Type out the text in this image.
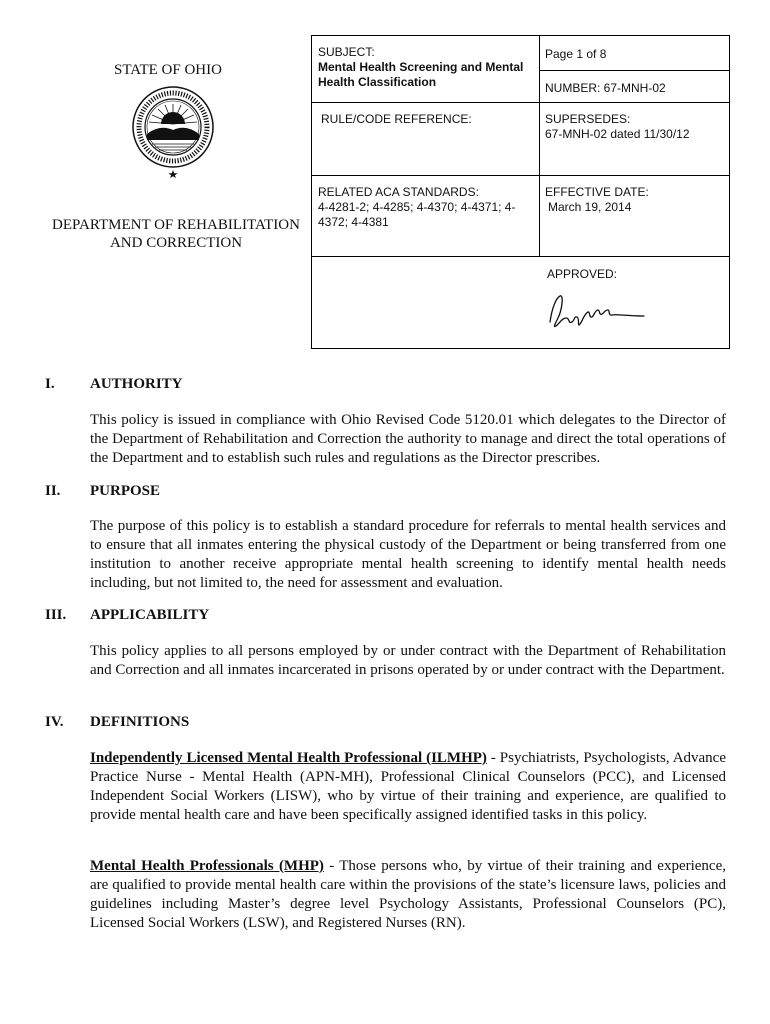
STATE OF OHIO
DEPARTMENT OF REHABILITATION AND CORRECTION
SUBJECT:
Mental Health Screening and Mental Health Classification
Page 1 of 8
NUMBER: 67-MNH-02
RULE/CODE REFERENCE:	SUPERSEDES:
67-MNH-02 dated 11/30/12
RELATED ACA STANDARDS:
4-4281-2; 4-4285; 4-4370; 4-4371; 4-4372; 4-4381
EFFECTIVE DATE:
March 19, 2014
APPROVED:
I. AUTHORITY
This policy is issued in compliance with Ohio Revised Code 5120.01 which delegates to the Director of the Department of Rehabilitation and Correction the authority to manage and direct the total operations of the Department and to establish such rules and regulations as the Director prescribes.
II. PURPOSE
The purpose of this policy is to establish a standard procedure for referrals to mental health services and to ensure that all inmates entering the physical custody of the Department or being transferred from one institution to another receive appropriate mental health screening to identify mental health needs including, but not limited to, the need for assessment and evaluation.
III. APPLICABILITY
This policy applies to all persons employed by or under contract with the Department of Rehabilitation and Correction and all inmates incarcerated in prisons operated by or under contract with the Department.
IV. DEFINITIONS
Independently Licensed Mental Health Professional (ILMHP) - Psychiatrists, Psychologists, Advance Practice Nurse - Mental Health (APN-MH), Professional Clinical Counselors (PCC), and Licensed Independent Social Workers (LISW), who by virtue of their training and experience, are qualified to provide mental health care and have been specifically assigned identified tasks in this policy.
Mental Health Professionals (MHP) - Those persons who, by virtue of their training and experience, are qualified to provide mental health care within the provisions of the state’s licensure laws, policies and guidelines including Master’s degree level Psychology Assistants, Professional Counselors (PC), Licensed Social Workers (LSW), and Registered Nurses (RN).
